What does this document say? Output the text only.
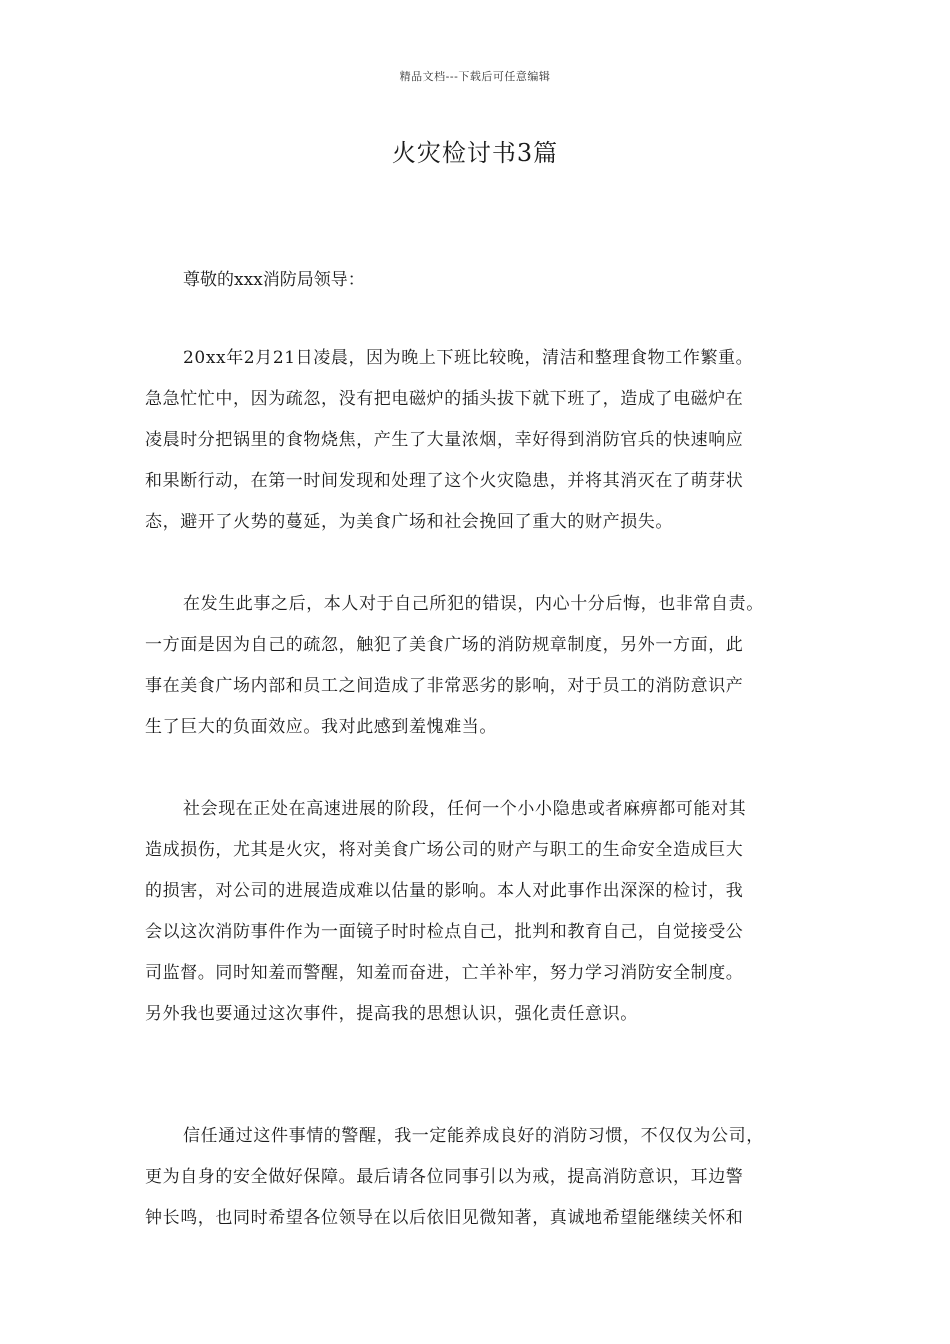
精品文档---下载后可任意编辑
火灾检讨书3篇
尊敬的xxx消防局领导：
20xx年2月21日凌晨，因为晚上下班比较晚，清洁和整理食物工作繁重。
急急忙忙中，因为疏忽，没有把电磁炉的插头拔下就下班了，造成了电磁炉在
凌晨时分把锅里的食物烧焦，产生了大量浓烟，幸好得到消防官兵的快速响应
和果断行动，在第一时间发现和处理了这个火灾隐患，并将其消灭在了萌芽状
态，避开了火势的蔓延，为美食广场和社会挽回了重大的财产损失。
在发生此事之后，本人对于自己所犯的错误，内心十分后悔，也非常自责。
一方面是因为自己的疏忽，触犯了美食广场的消防规章制度，另外一方面，此
事在美食广场内部和员工之间造成了非常恶劣的影响，对于员工的消防意识产
生了巨大的负面效应。我对此感到羞愧难当。
社会现在正处在高速进展的阶段，任何一个小小隐患或者麻痹都可能对其
造成损伤，尤其是火灾，将对美食广场公司的财产与职工的生命安全造成巨大
的损害，对公司的进展造成难以估量的影响。本人对此事作出深深的检讨，我
会以这次消防事件作为一面镜子时时检点自己，批判和教育自己，自觉接受公
司监督。同时知羞而警醒，知羞而奋进，亡羊补牢，努力学习消防安全制度。
另外我也要通过这次事件，提高我的思想认识，强化责任意识。
信任通过这件事情的警醒，我一定能养成良好的消防习惯，不仅仅为公司，
更为自身的安全做好保障。最后请各位同事引以为戒，提高消防意识，耳边警
钟长鸣，也同时希望各位领导在以后依旧见微知著，真诚地希望能继续关怀和
